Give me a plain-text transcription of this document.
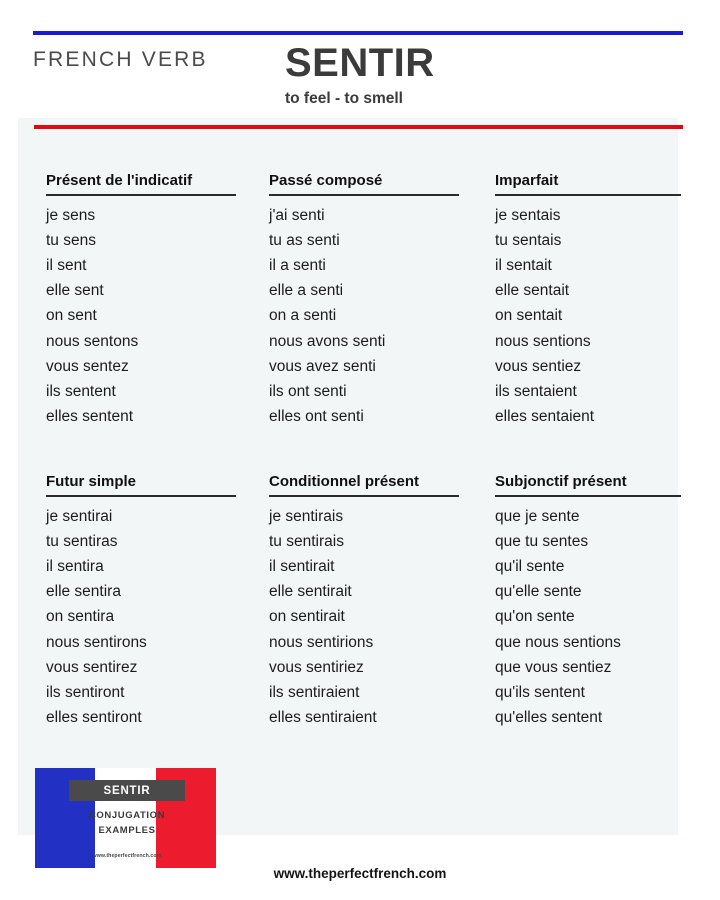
FRENCH VERB SENTIR
to feel - to smell
Présent de l'indicatif
je sens
tu sens
il sent
elle sent
on sent
nous sentons
vous sentez
ils sentent
elles sentent
Passé composé
j'ai senti
tu as senti
il a senti
elle a senti
on a senti
nous avons senti
vous avez senti
ils ont senti
elles ont senti
Imparfait
je sentais
tu sentais
il sentait
elle sentait
on sentait
nous sentions
vous sentiez
ils sentaient
elles sentaient
Futur simple
je sentirai
tu sentiras
il sentira
elle sentira
on sentira
nous sentirons
vous sentirez
ils sentiront
elles sentiront
Conditionnel présent
je sentirais
tu sentirais
il sentirait
elle sentirait
on sentirait
nous sentirions
vous sentiriez
ils sentiraient
elles sentiraient
Subjonctif présent
que je sente
que tu sentes
qu'il sente
qu'elle sente
qu'on sente
que nous sentions
que vous sentiez
qu'ils sentent
qu'elles sentent
SENTIR
CONJUGATION
EXAMPLES
www.theperfectfrench.com
www.theperfectfrench.com
